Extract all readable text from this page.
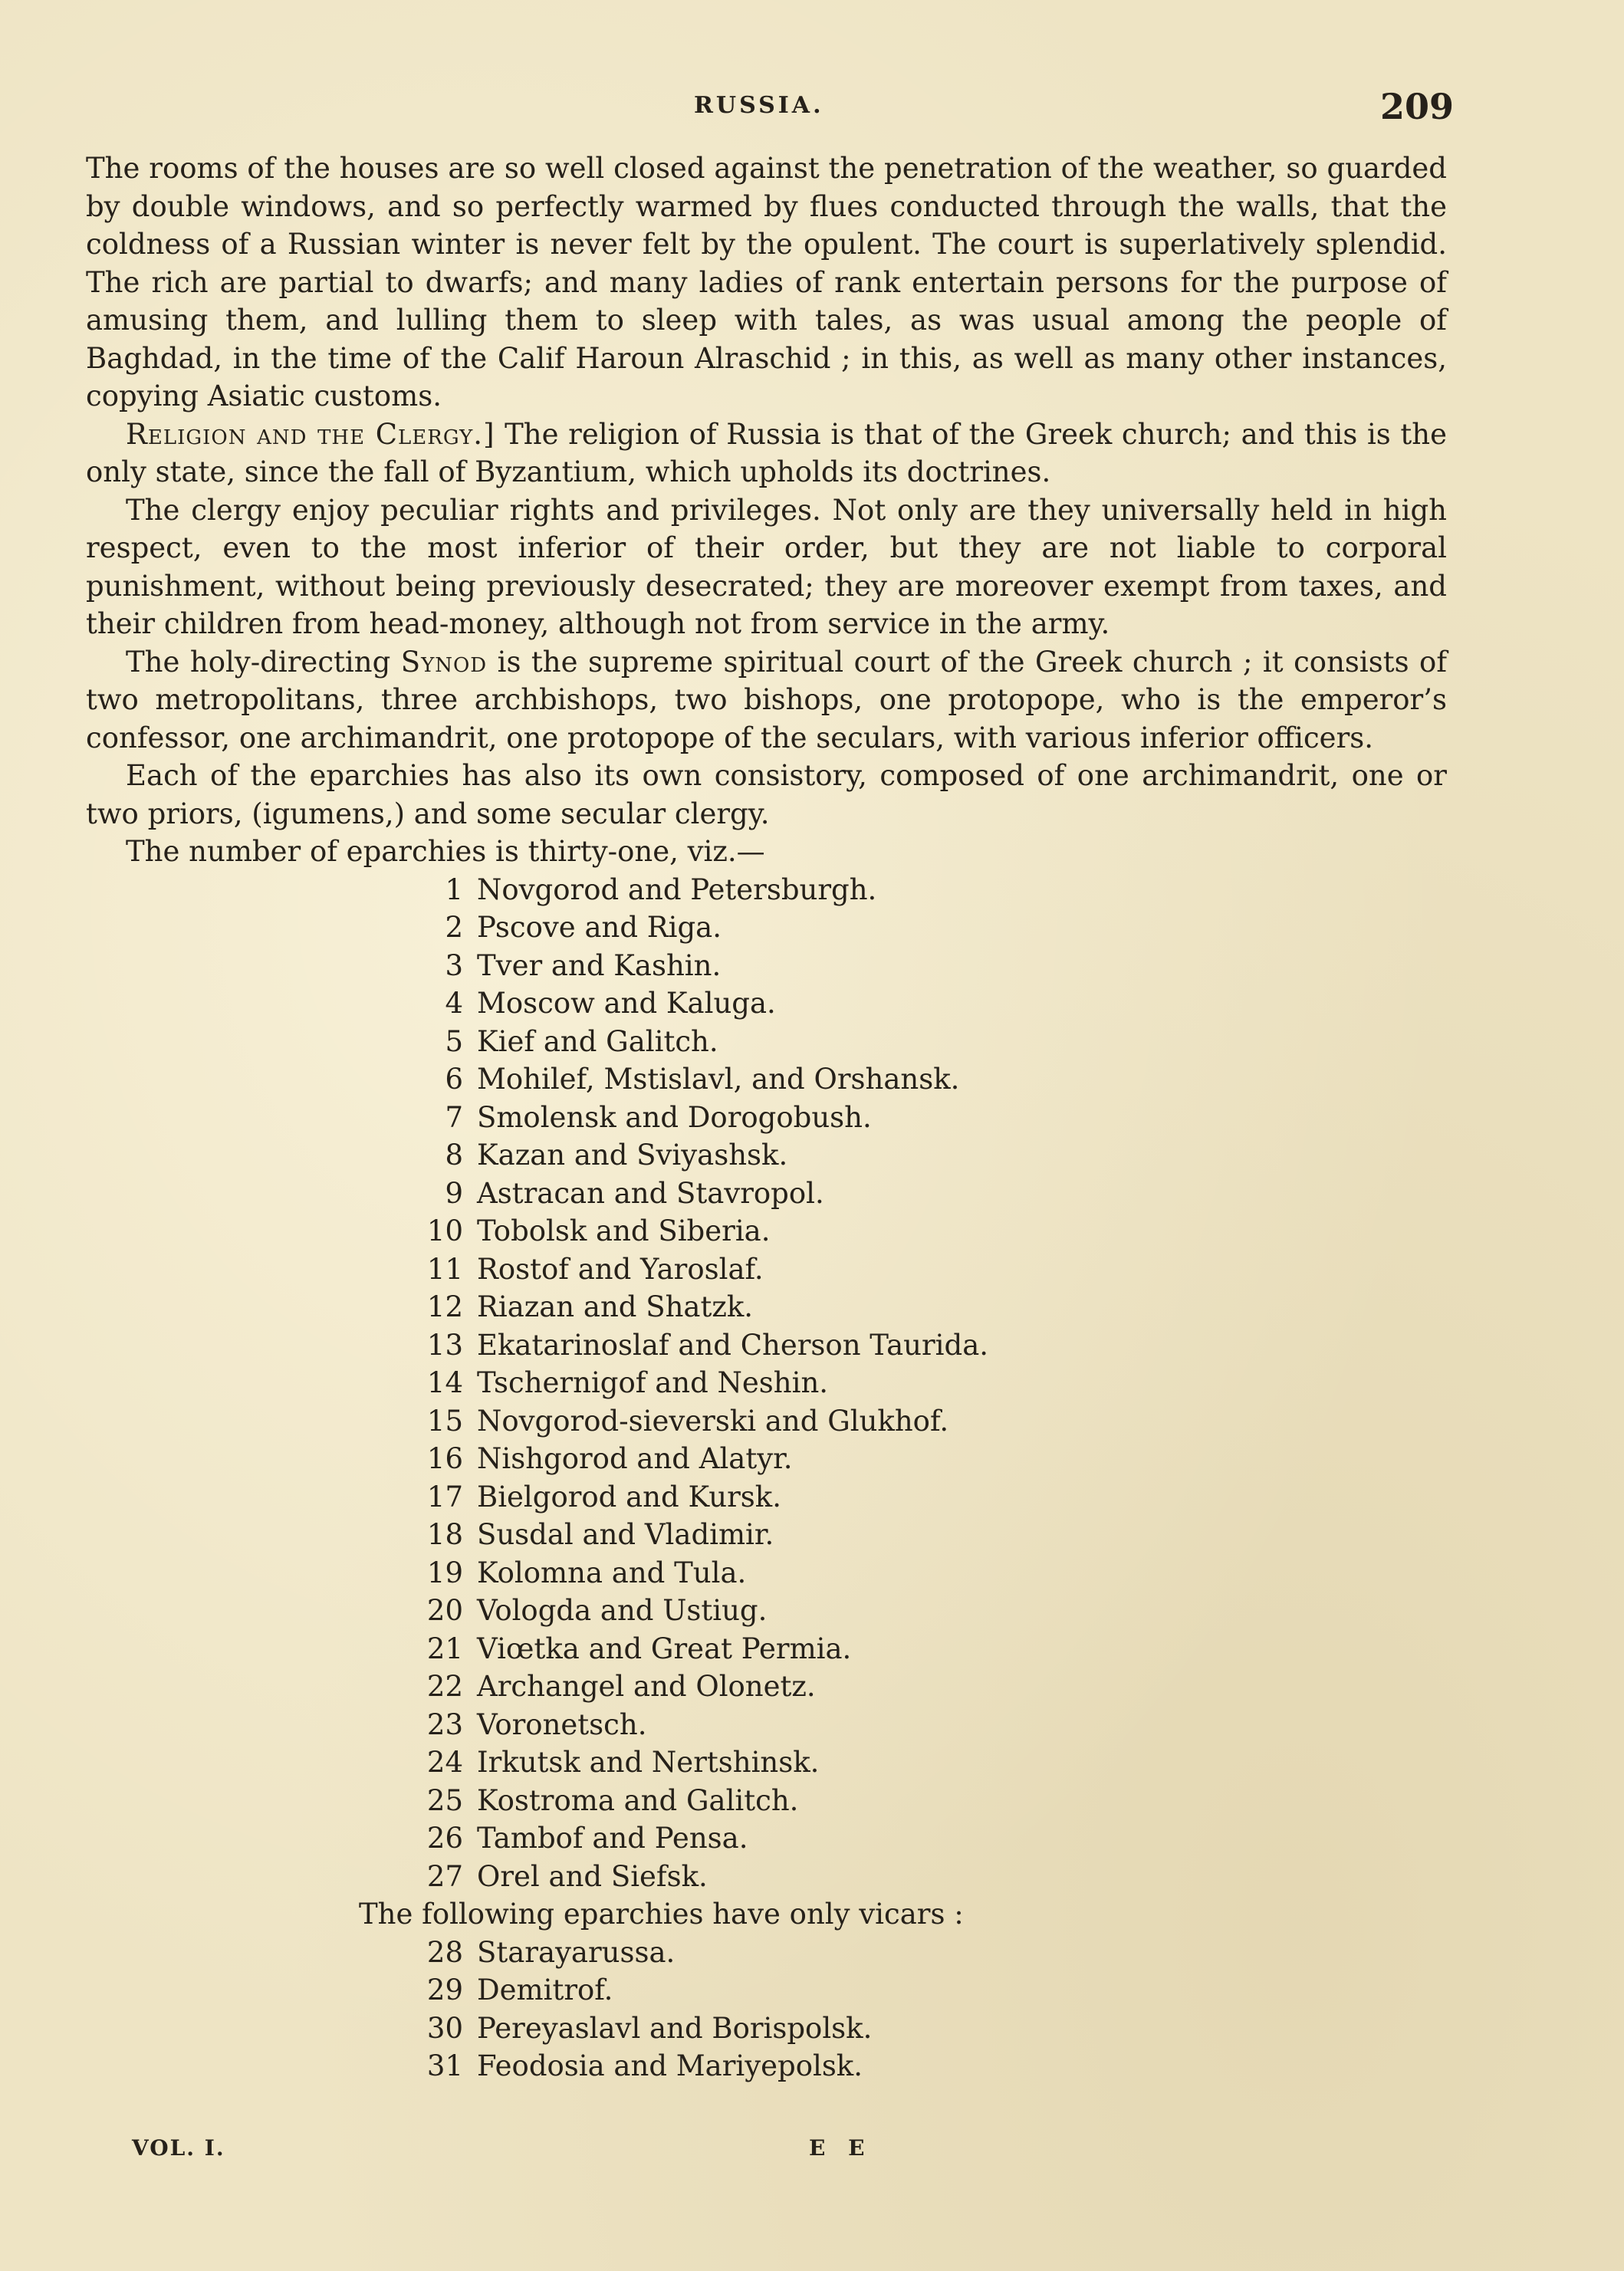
RUSSIA.	209

The rooms of the houses are so well closed against the penetration of the weather, so guarded by double windows, and so perfectly warmed by flues conducted through the walls, that the coldness of a Russian winter is never felt by the opulent. The court is superlatively splendid. The rich are partial to dwarfs; and many ladies of rank entertain persons for the purpose of amusing them, and lulling them to sleep with tales, as was usual among the people of Baghdad, in the time of the Calif Haroun Alraschid ; in this, as well as many other instances, copying Asiatic customs.

Religion and the Clergy.] The religion of Russia is that of the Greek church; and this is the only state, since the fall of Byzantium, which upholds its doctrines.

The clergy enjoy peculiar rights and privileges. Not only are they universally held in high respect, even to the most inferior of their order, but they are not liable to corporal punishment, without being previously desecrated; they are moreover exempt from taxes, and their children from head-money, although not from service in the army.

The holy-directing Synod is the supreme spiritual court of the Greek church ; it consists of two metropolitans, three archbishops, two bishops, one protopope, who is the emperor’s confessor, one archimandrit, one protopope of the seculars, with various inferior officers.

Each of the eparchies has also its own consistory, composed of one archimandrit, one or two priors, (igumens,) and some secular clergy.

The number of eparchies is thirty-one, viz.—

1 Novgorod and Petersburgh.
2 Pscove and Riga.
3 Tver and Kashin.
4 Moscow and Kaluga.
5 Kief and Galitch.
6 Mohilef, Mstislavl, and Orshansk.
7 Smolensk and Dorogobush.
8 Kazan and Sviyashsk.
9 Astracan and Stavropol.
10 Tobolsk and Siberia.
11 Rostof and Yaroslaf.
12 Riazan and Shatzk.
13 Ekatarinoslaf and Cherson Taurida.
14 Tschernigof and Neshin.
15 Novgorod-sieverski and Glukhof.
16 Nishgorod and Alatyr.
17 Bielgorod and Kursk.
18 Susdal and Vladimir.
19 Kolomna and Tula.
20 Vologda and Ustiug.
21 Viœtka and Great Permia.
22 Archangel and Olonetz.
23 Voronetsch.
24 Irkutsk and Nertshinsk.
25 Kostroma and Galitch.
26 Tambof and Pensa.
27 Orel and Siefsk.
The following eparchies have only vicars :
28 Starayarussa.
29 Demitrof.
30 Pereyaslavl and Borispolsk.
31 Feodosia and Mariyepolsk.
VOL. I.	E E
